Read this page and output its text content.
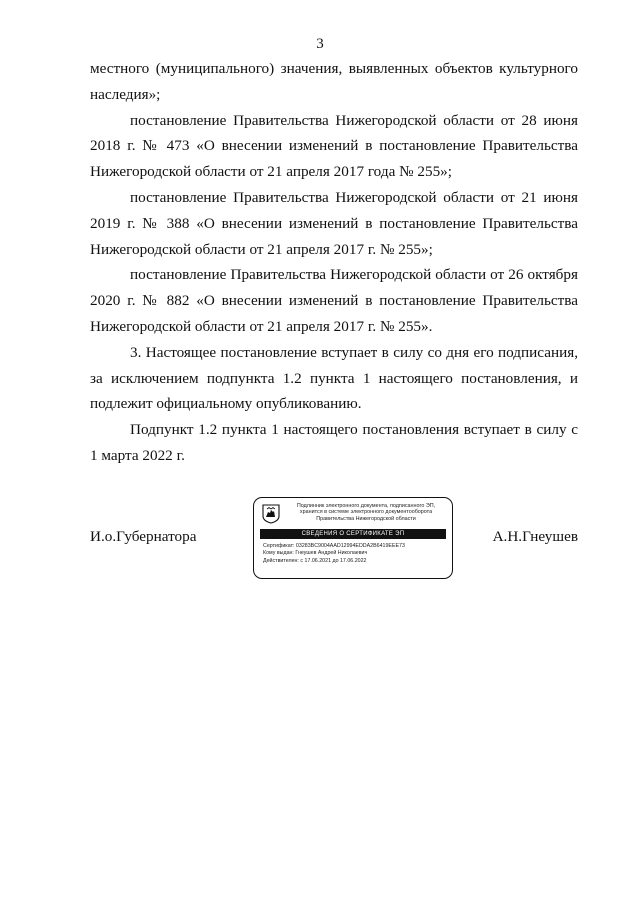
3

местного (муниципального) значения, выявленных объектов культурного наследия»;

постановление Правительства Нижегородской области от 28 июня 2018 г. № 473 «О внесении изменений в постановление Правительства Нижегородской области от 21 апреля 2017 года № 255»;

постановление Правительства Нижегородской области от 21 июня 2019 г. № 388 «О внесении изменений в постановление Правительства Нижегородской области от 21 апреля 2017 г. № 255»;

постановление Правительства Нижегородской области от 26 октября 2020 г. № 882 «О внесении изменений в постановление Правительства Нижегородской области от 21 апреля 2017 г. № 255».

3. Настоящее постановление вступает в силу со дня его подписания, за исключением подпункта 1.2 пункта 1 настоящего постановления, и подлежит официальному опубликованию.

Подпункт 1.2 пункта 1 настоящего постановления вступает в силу с 1 марта 2022 г.

И.о.Губернатора
Подлинник электронного документа, подписанного ЭП,
хранится в системе электронного документооборота
Правительства Нижегородской области
СВЕДЕНИЯ О СЕРТИФИКАТЕ ЭП
Сертификат: 03283BC9004AAD12994EDDA2B6419EEE73
Кому выдан: Гнеушев Андрей Николаевич
Действителен: с 17.06.2021 до 17.06.2022
А.Н.Гнеушев
